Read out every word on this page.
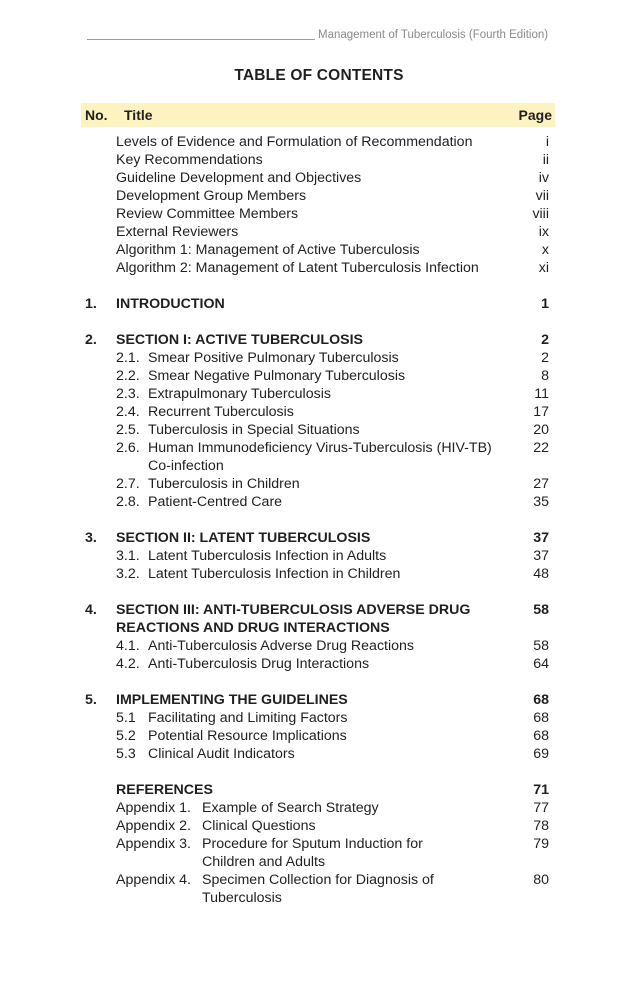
Management of Tuberculosis (Fourth Edition)
TABLE OF CONTENTS
No. Title	Page
Levels of Evidence and Formulation of Recommendation	i
Key Recommendations	ii
Guideline Development and Objectives	iv
Development Group Members	vii
Review Committee Members	viii
External Reviewers	ix
Algorithm 1: Management of Active Tuberculosis	x
Algorithm 2: Management of Latent Tuberculosis Infection	xi
1. INTRODUCTION	1
2. SECTION I: ACTIVE TUBERCULOSIS	2
2.1. Smear Positive Pulmonary Tuberculosis	2
2.2. Smear Negative Pulmonary Tuberculosis	8
2.3. Extrapulmonary Tuberculosis	11
2.4. Recurrent Tuberculosis	17
2.5. Tuberculosis in Special Situations	20
2.6. Human Immunodeficiency Virus-Tuberculosis (HIV-TB)	22
Co-infection
2.7. Tuberculosis in Children	27
2.8. Patient-Centred Care	35
3. SECTION II: LATENT TUBERCULOSIS	37
3.1. Latent Tuberculosis Infection in Adults	37
3.2. Latent Tuberculosis Infection in Children	48
4. SECTION III: ANTI-TUBERCULOSIS ADVERSE DRUG	58
REACTIONS AND DRUG INTERACTIONS
4.1. Anti-Tuberculosis Adverse Drug Reactions	58
4.2. Anti-Tuberculosis Drug Interactions	64
5. IMPLEMENTING THE GUIDELINES	68
5.1 Facilitating and Limiting Factors	68
5.2 Potential Resource Implications	68
5.3 Clinical Audit Indicators	69
REFERENCES	71
Appendix 1. Example of Search Strategy	77
Appendix 2. Clinical Questions	78
Appendix 3. Procedure for Sputum Induction for	79
Children and Adults
Appendix 4. Specimen Collection for Diagnosis of	80
Tuberculosis
